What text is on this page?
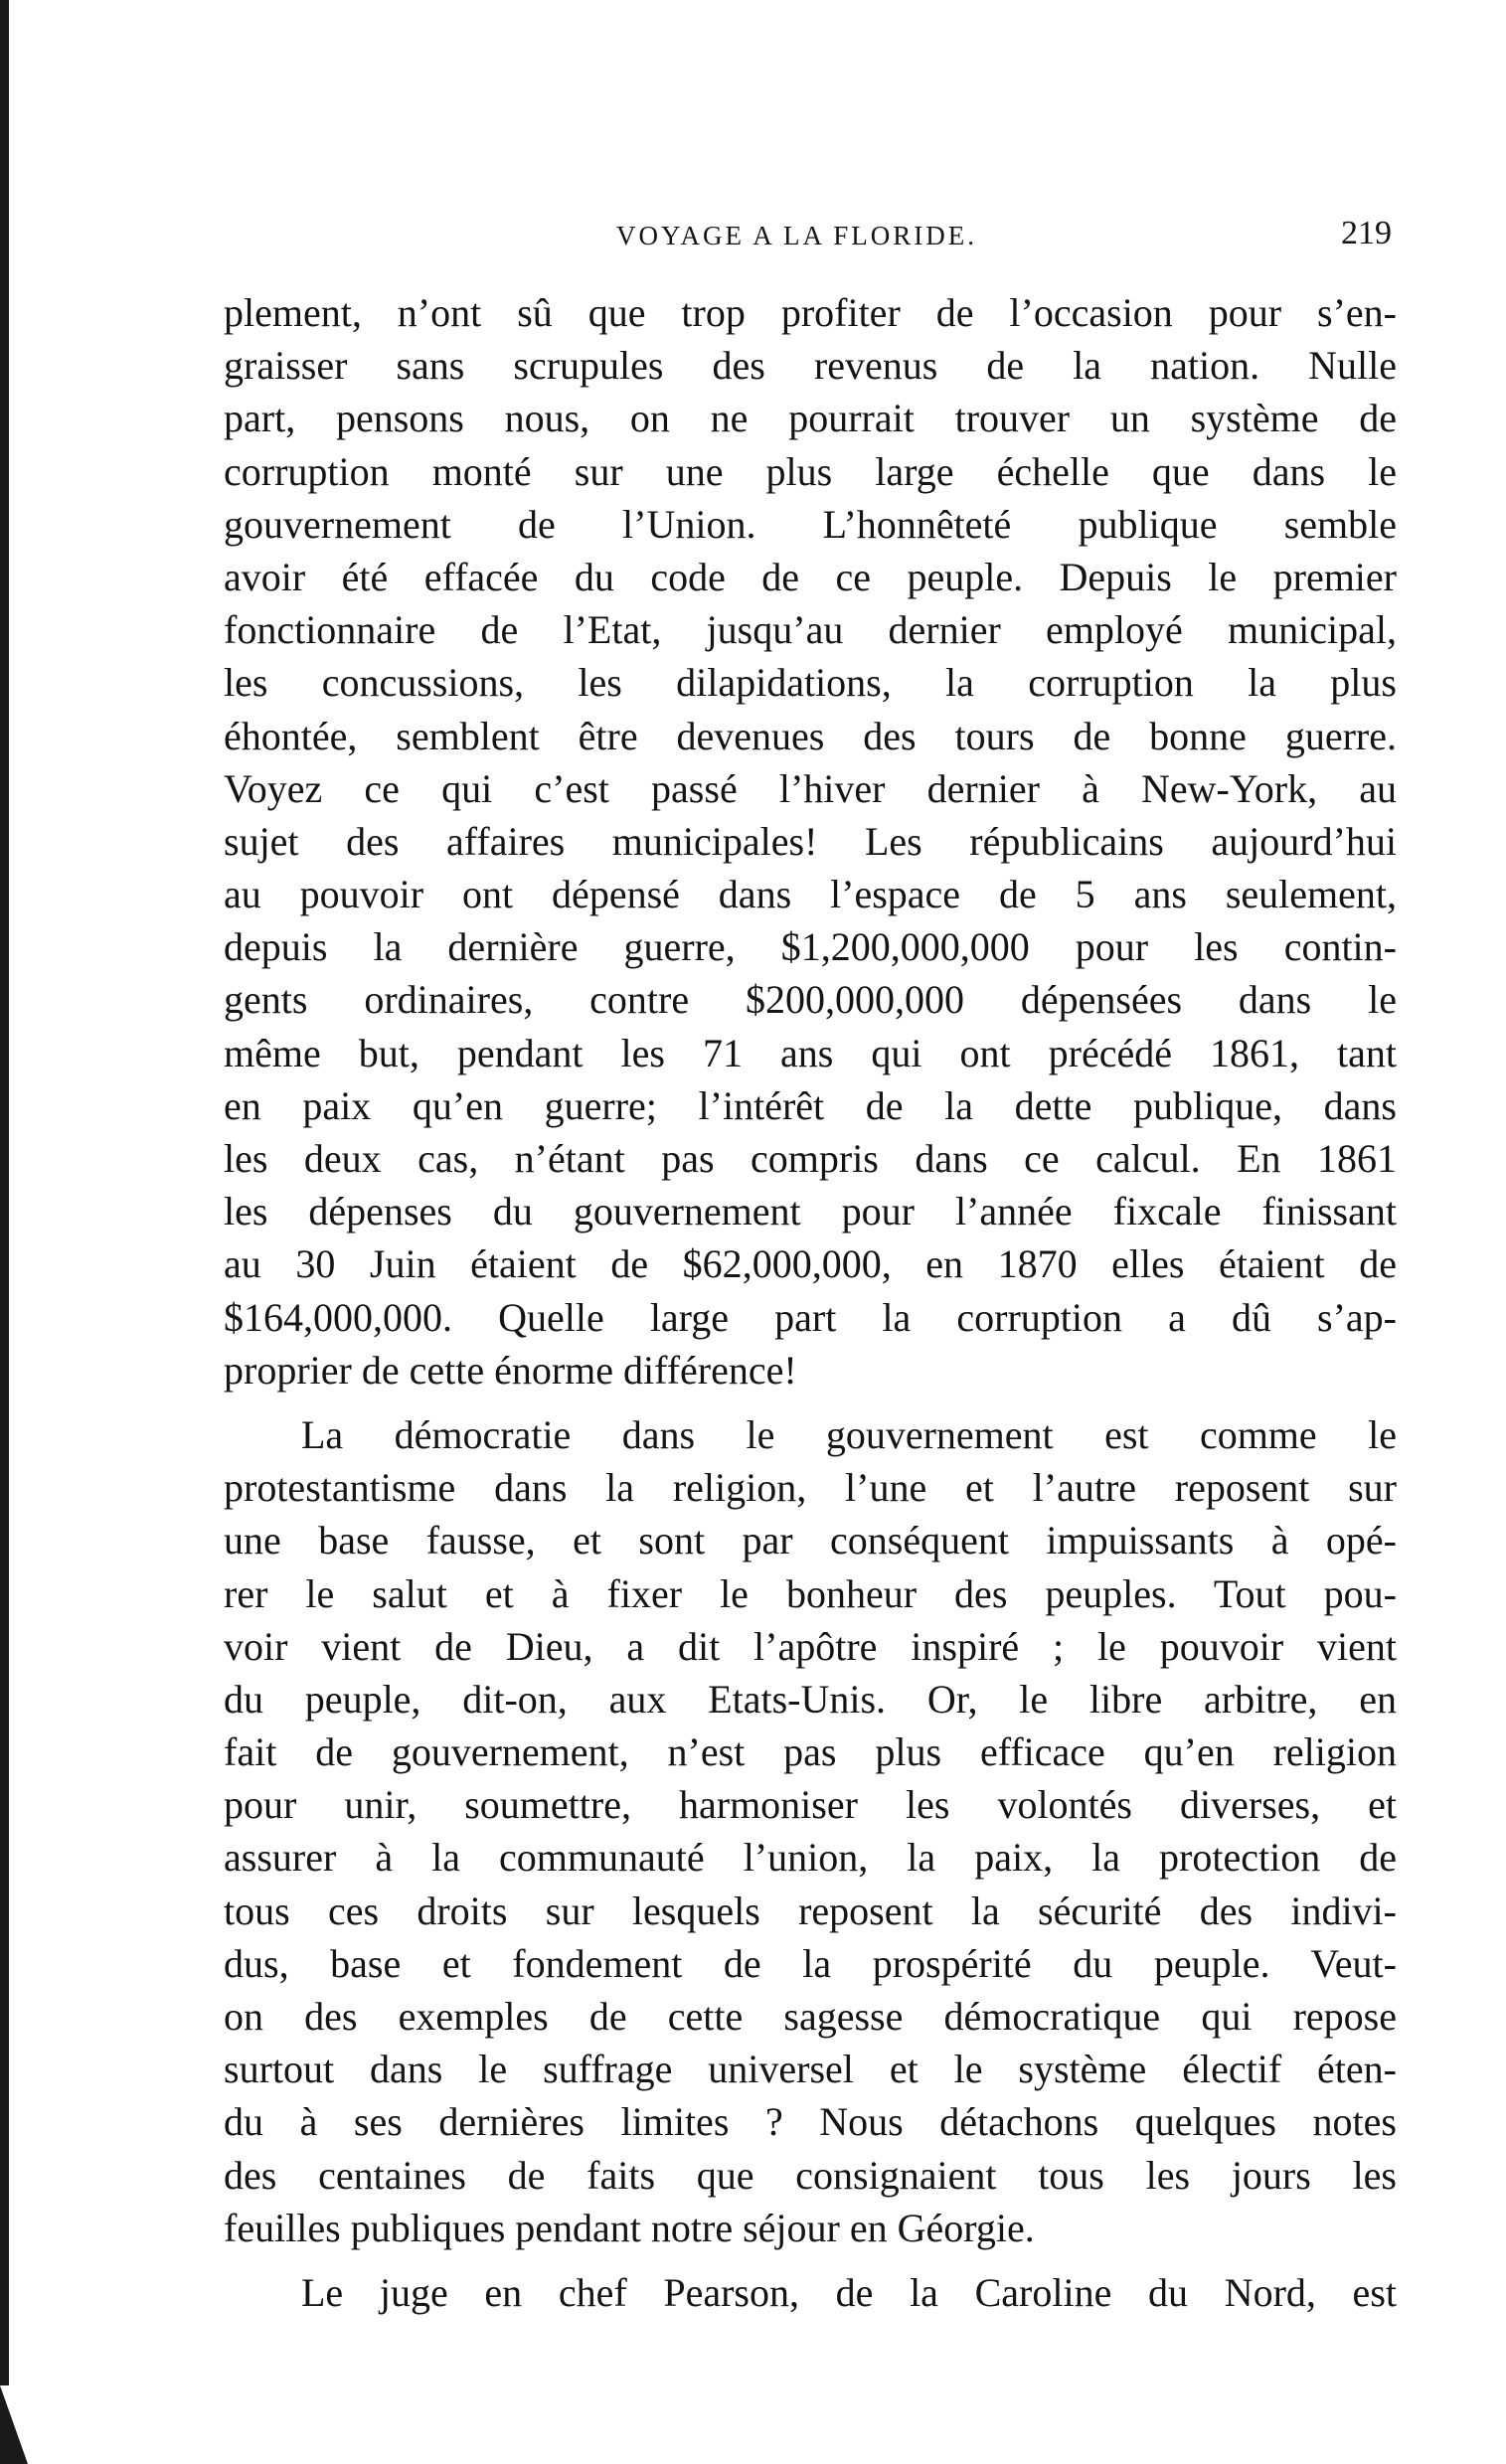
VOYAGE A LA FLORIDE.	219
plement, n’ont sû que trop profiter de l’occasion pour s’en-
graisser sans scrupules des revenus de la nation. Nulle
part, pensons nous, on ne pourrait trouver un système de
corruption monté sur une plus large échelle que dans le
gouvernement de l’Union. L’honnêteté publique semble
avoir été effacée du code de ce peuple. Depuis le premier
fonctionnaire de l’Etat, jusqu’au dernier employé municipal,
les concussions, les dilapidations, la corruption la plus
éhontée, semblent être devenues des tours de bonne guerre.
Voyez ce qui c’est passé l’hiver dernier à New-York, au
sujet des affaires municipales! Les républicains aujourd’hui
au pouvoir ont dépensé dans l’espace de 5 ans seulement,
depuis la dernière guerre, $1,200,000,000 pour les contin-
gents ordinaires, contre $200,000,000 dépensées dans le
même but, pendant les 71 ans qui ont précédé 1861, tant
en paix qu’en guerre; l’intérêt de la dette publique, dans
les deux cas, n’étant pas compris dans ce calcul. En 1861
les dépenses du gouvernement pour l’année fixcale finissant
au 30 Juin étaient de $62,000,000, en 1870 elles étaient de
$164,000,000. Quelle large part la corruption a dû s’ap-
proprier de cette énorme différence!
La démocratie dans le gouvernement est comme le
protestantisme dans la religion, l’une et l’autre reposent sur
une base fausse, et sont par conséquent impuissants à opé-
rer le salut et à fixer le bonheur des peuples. Tout pou-
voir vient de Dieu, a dit l’apôtre inspiré ; le pouvoir vient
du peuple, dit-on, aux Etats-Unis. Or, le libre arbitre, en
fait de gouvernement, n’est pas plus efficace qu’en religion
pour unir, soumettre, harmoniser les volontés diverses, et
assurer à la communauté l’union, la paix, la protection de
tous ces droits sur lesquels reposent la sécurité des indivi-
dus, base et fondement de la prospérité du peuple. Veut-
on des exemples de cette sagesse démocratique qui repose
surtout dans le suffrage universel et le système électif éten-
du à ses dernières limites ? Nous détachons quelques notes
des centaines de faits que consignaient tous les jours les
feuilles publiques pendant notre séjour en Géorgie.
Le juge en chef Pearson, de la Caroline du Nord, est
